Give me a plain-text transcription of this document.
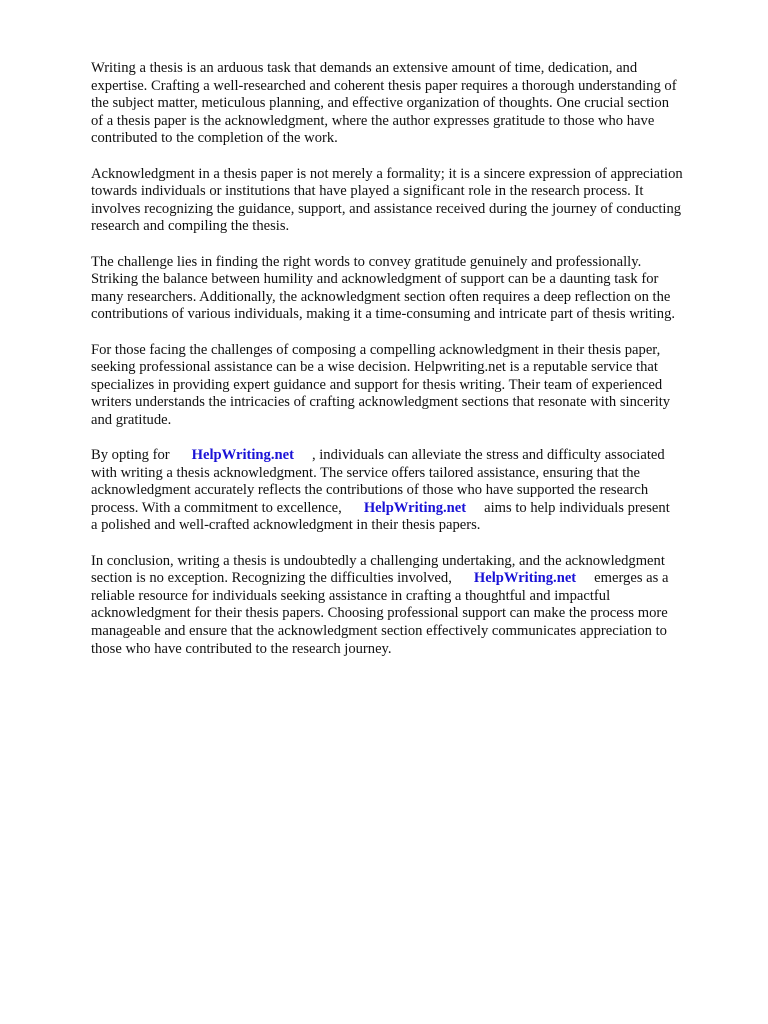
Writing a thesis is an arduous task that demands an extensive amount of time, dedication, and
expertise. Crafting a well-researched and coherent thesis paper requires a thorough understanding of
the subject matter, meticulous planning, and effective organization of thoughts. One crucial section
of a thesis paper is the acknowledgment, where the author expresses gratitude to those who have
contributed to the completion of the work.

Acknowledgment in a thesis paper is not merely a formality; it is a sincere expression of appreciation
towards individuals or institutions that have played a significant role in the research process. It
involves recognizing the guidance, support, and assistance received during the journey of conducting
research and compiling the thesis.

The challenge lies in finding the right words to convey gratitude genuinely and professionally.
Striking the balance between humility and acknowledgment of support can be a daunting task for
many researchers. Additionally, the acknowledgment section often requires a deep reflection on the
contributions of various individuals, making it a time-consuming and intricate part of thesis writing.

For those facing the challenges of composing a compelling acknowledgment in their thesis paper,
seeking professional assistance can be a wise decision. Helpwriting.net is a reputable service that
specializes in providing expert guidance and support for thesis writing. Their team of experienced
writers understands the intricacies of crafting acknowledgment sections that resonate with sincerity
and gratitude.

By opting for HelpWriting.net , individuals can alleviate the stress and difficulty associated
with writing a thesis acknowledgment. The service offers tailored assistance, ensuring that the
acknowledgment accurately reflects the contributions of those who have supported the research
process. With a commitment to excellence, HelpWriting.net aims to help individuals present
a polished and well-crafted acknowledgment in their thesis papers.

In conclusion, writing a thesis is undoubtedly a challenging undertaking, and the acknowledgment
section is no exception. Recognizing the difficulties involved, HelpWriting.net emerges as a
reliable resource for individuals seeking assistance in crafting a thoughtful and impactful
acknowledgment for their thesis papers. Choosing professional support can make the process more
manageable and ensure that the acknowledgment section effectively communicates appreciation to
those who have contributed to the research journey.
